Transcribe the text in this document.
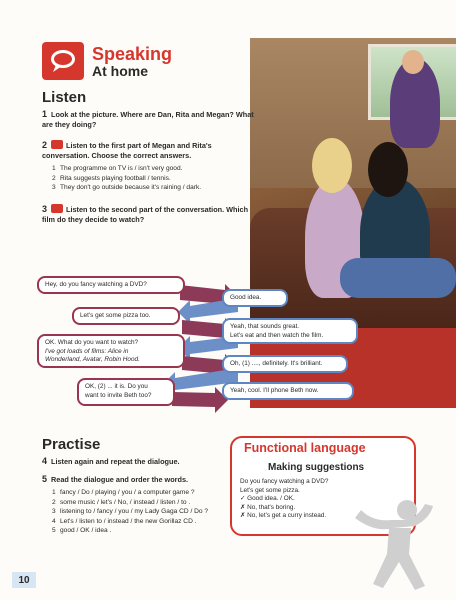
Speaking
At home
Listen
1 Look at the picture. Where are Dan, Rita and Megan? What are they doing?
2	Listen to the first part of Megan and Rita's conversation. Choose the correct answers.
1 The programme on TV is / isn't very good.
2 Rita suggests playing football / tennis.
3 They don't go outside because it's raining / dark.
3	Listen to the second part of the conversation. Which film do they decide to watch?
Hey, do you fancy watching a DVD?
Good idea.
Let's get some pizza too.
Yeah, that sounds great.
Let's eat and then watch the film.
OK. What do you want to watch?
I've got loads of films: Alice in
Wonderland, Avatar, Robin Hood.
Oh, (1) ...., definitely. It's brilliant.
OK, (2) ... it is. Do you
want to invite Beth too?
Yeah, cool. I'll phone Beth now.
Practise
4 Listen again and repeat the dialogue.
5 Read the dialogue and order the words.
1 fancy / Do / playing / you / a computer game ?
2 some music / let's / No, / instead / listen / to .
3 listening to / fancy / you / my Lady Gaga CD / Do ?
4 Let's / listen to / instead / the new Gorillaz CD .
5 good / OK / idea .
Functional language
Making suggestions
Do you fancy watching a DVD?
Let's get some pizza.
✓ Good idea. / OK.
✗ No, that's boring.
✗ No, let's get a curry instead.
10
